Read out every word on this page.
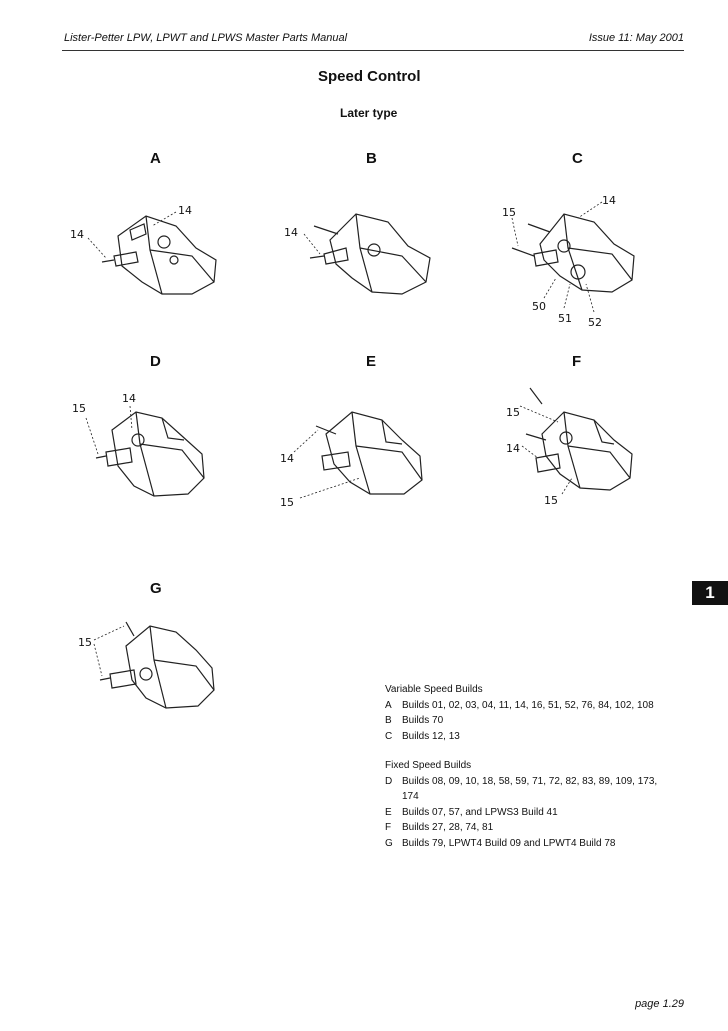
Lister-Petter LPW, LPWT and LPWS Master Parts Manual	Issue 11: May 2001
Speed Control
Later type
A	B	C
D	E	F
G
14
14
14
15
14
50
51 52
15
14
14
15
15
14
15
15
1
Variable Speed Builds
A	Builds 01, 02, 03, 04, 11, 14, 16, 51, 52, 76, 84, 102, 108
B	Builds 70
C Builds 12, 13
Fixed Speed Builds
D Builds 08, 09, 10, 18, 58, 59, 71, 72, 82, 83, 89, 109, 173, 174
E	Builds 07, 57, and LPWS3 Build 41
F	Builds 27, 28, 74, 81
G Builds 79, LPWT4 Build 09 and LPWT4 Build 78
page 1.29
